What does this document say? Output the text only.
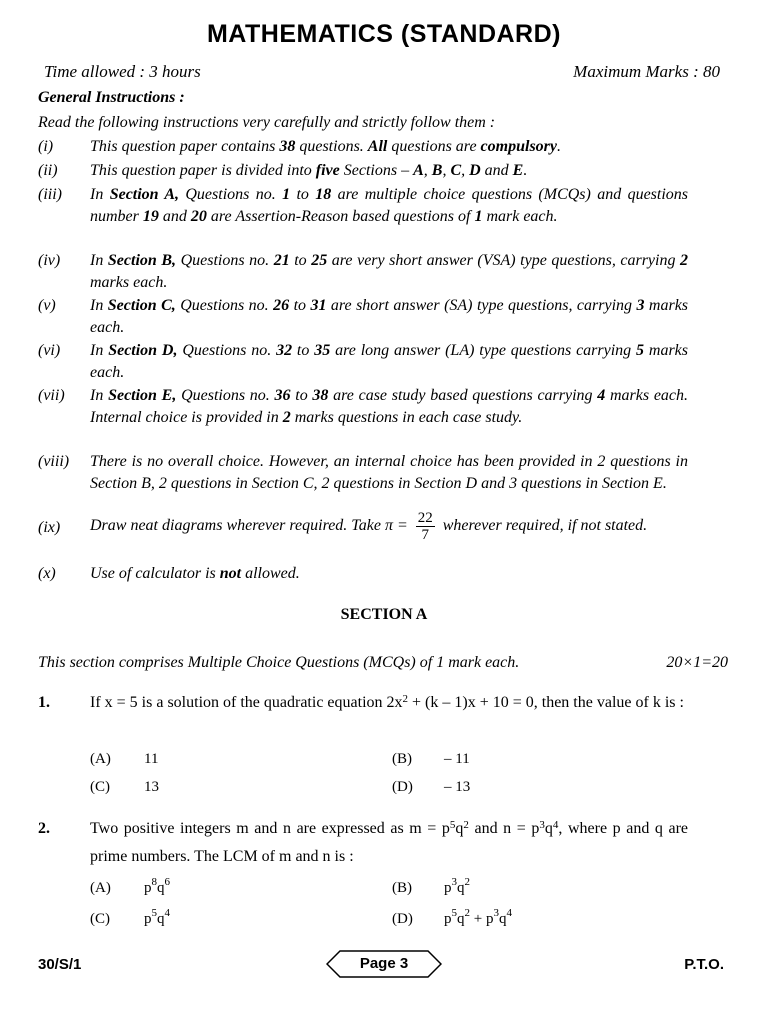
MATHEMATICS (STANDARD)
Time allowed : 3 hours	Maximum Marks : 80
General Instructions :
Read the following instructions very carefully and strictly follow them :
(i) This question paper contains 38 questions. All questions are compulsory.
(ii) This question paper is divided into five Sections – A, B, C, D and E.
(iii) In Section A, Questions no. 1 to 18 are multiple choice questions (MCQs) and questions number 19 and 20 are Assertion-Reason based questions of 1 mark each.
(iv) In Section B, Questions no. 21 to 25 are very short answer (VSA) type questions, carrying 2 marks each.
(v) In Section C, Questions no. 26 to 31 are short answer (SA) type questions, carrying 3 marks each.
(vi) In Section D, Questions no. 32 to 35 are long answer (LA) type questions carrying 5 marks each.
(vii) In Section E, Questions no. 36 to 38 are case study based questions carrying 4 marks each. Internal choice is provided in 2 marks questions in each case study.
(viii) There is no overall choice. However, an internal choice has been provided in 2 questions in Section B, 2 questions in Section C, 2 questions in Section D and 3 questions in Section E.
(ix) Draw neat diagrams wherever required. Take $\pi = \frac{22}{7}$ wherever required, if not stated.
(x) Use of calculator is not allowed.
SECTION A
This section comprises Multiple Choice Questions (MCQs) of 1 mark each.	20×1=20
1.	If x = 5 is a solution of the quadratic equation $2x^2 + (k - 1)x + 10 = 0$, then the value of k is :
(A) 11	(B) – 11
(C) 13	(D) – 13
2.	Two positive integers m and n are expressed as $m = p^5q^2$ and $n = p^3q^4$, where p and q are prime numbers. The LCM of m and n is :
(A) $p^8q^6$	(B) $p^3q^2$
(C) $p^5q^4$	(D) $p^5q^2 + p^3q^4$
30/S/1	Page 3	P.T.O.
